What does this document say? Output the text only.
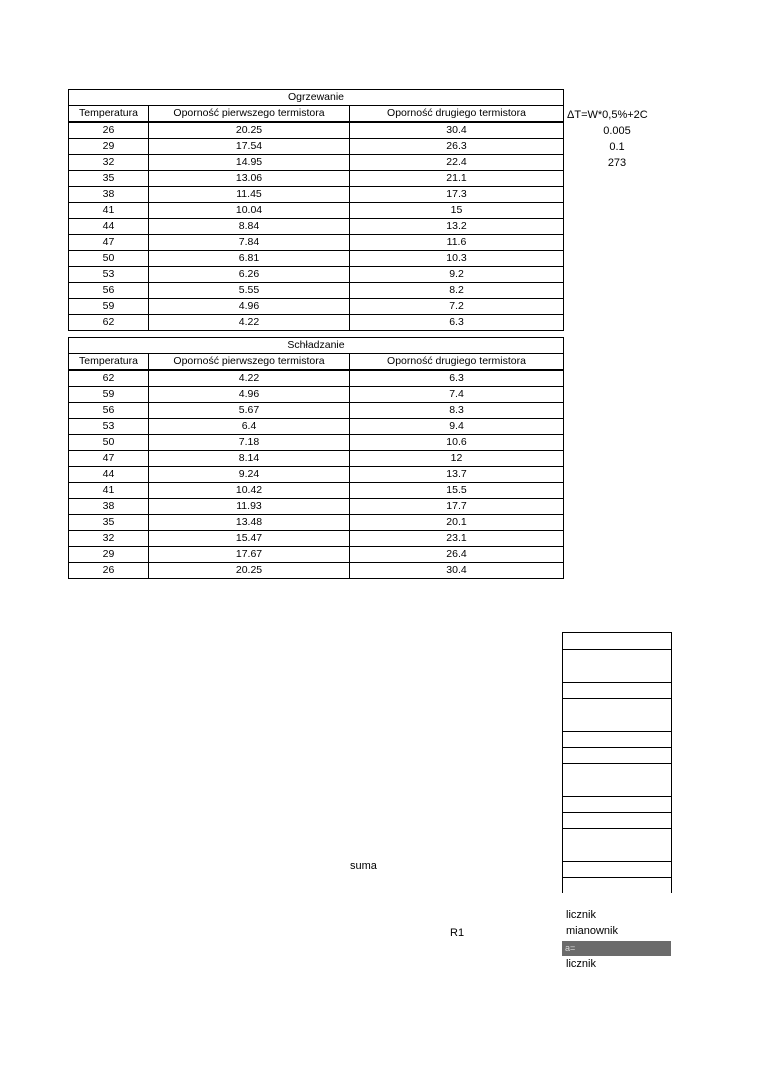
Ogrzewanie		
Temperatura	Oporność pierwszego termistora	Oporność drugiego termistora
26	20.25	30.4
29	17.54	26.3
32	14.95	22.4
35	13.06	21.1
38	11.45	17.3
41	10.04	15
44	8.84	13.2
47	7.84	11.6
50	6.81	10.3
53	6.26	9.2
56	5.55	8.2
59	4.96	7.2
62	4.22	6.3
Schładzanie		
Temperatura	Oporność pierwszego termistora	Oporność drugiego termistora
62	4.22	6.3
59	4.96	7.4
56	5.67	8.3
53	6.4	9.4
50	7.18	10.6
47	8.14	12
44	9.24	13.7
41	10.42	15.5
38	11.93	17.7
35	13.48	20.1
32	15.47	23.1
29	17.67	26.4
26	20.25	30.4
ΔT=W*0,5%+2C
0.005
0.1
273
suma
R1
licznik
mianownik
a=
licznik
